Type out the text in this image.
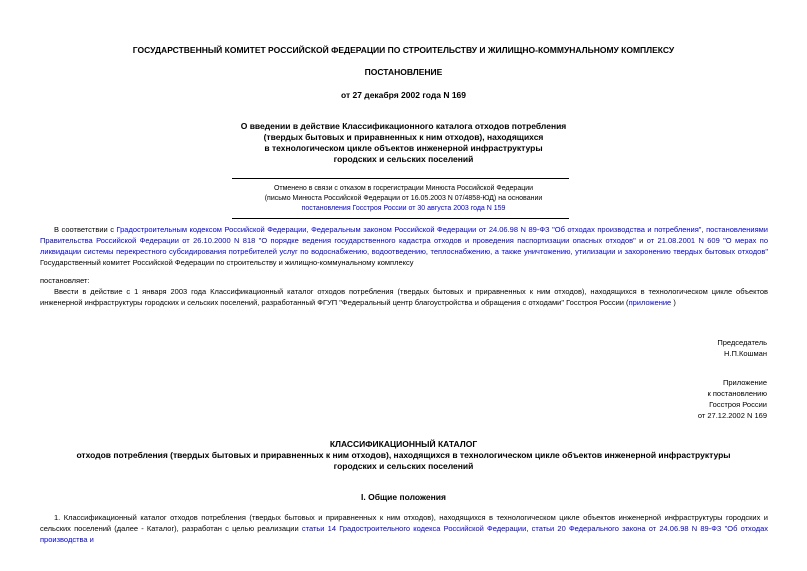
ГОСУДАРСТВЕННЫЙ КОМИТЕТ РОССИЙСКОЙ ФЕДЕРАЦИИ ПО СТРОИТЕЛЬСТВУ И ЖИЛИЩНО-КОММУНАЛЬНОМУ КОМПЛЕКСУ
ПОСТАНОВЛЕНИЕ
от 27 декабря 2002 года N 169
О введении в действие Классификационного каталога отходов потребления
(твердых бытовых и приравненных к ним отходов), находящихся
в технологическом цикле объектов инженерной инфраструктуры
городских и сельских поселений
Отменено в связи с отказом в госрегистрации Минюста Российской Федерации
(письмо Минюста Российской Федерации от 16.05.2003 N 07/4858-ЮД) на основании
постановления Госстроя России от 30 августа 2003 года N 159
В соответствии с Градостроительным кодексом Российской Федерации, Федеральным законом Российской Федерации от 24.06.98 N 89-ФЗ "Об отходах производства и потребления", постановлениями Правительства Российской Федерации от 26.10.2000 N 818 "О порядке ведения государственного кадастра отходов и проведения паспортизации опасных отходов" и от 21.08.2001 N 609 "О мерах по ликвидации системы перекрестного субсидирования потребителей услуг по водоснабжению, водоотведению, теплоснабжению, а также уничтожению, утилизации и захоронению твердых бытовых отходов" Государственный комитет Российской Федерации по строительству и жилищно-коммунальному комплексу
постановляет:
Ввести в действие с 1 января 2003 года Классификационный каталог отходов потребления (твердых бытовых и приравненных к ним отходов), находящихся в технологическом цикле объектов инженерной инфраструктуры городских и сельских поселений, разработанный ФГУП "Федеральный центр благоустройства и обращения с отходами" Госстроя России (приложение )
Председатель
Н.П.Кошман
Приложение
к постановлению
Госстроя России
от 27.12.2002 N 169
КЛАССИФИКАЦИОННЫЙ КАТАЛОГ
отходов потребления (твердых бытовых и приравненных к ним отходов), находящихся в технологическом цикле объектов инженерной инфраструктуры
городских и сельских поселений
I. Общие положения
1. Классификационный каталог отходов потребления (твердых бытовых и приравненных к ним отходов), находящихся в технологическом цикле объектов инженерной инфраструктуры городских и сельских поселений (далее - Каталог), разработан с целью реализации статьи 14 Градостроительного кодекса Российской Федерации, статьи 20 Федерального закона от 24.06.98 N 89-ФЗ "Об отходах производства и
